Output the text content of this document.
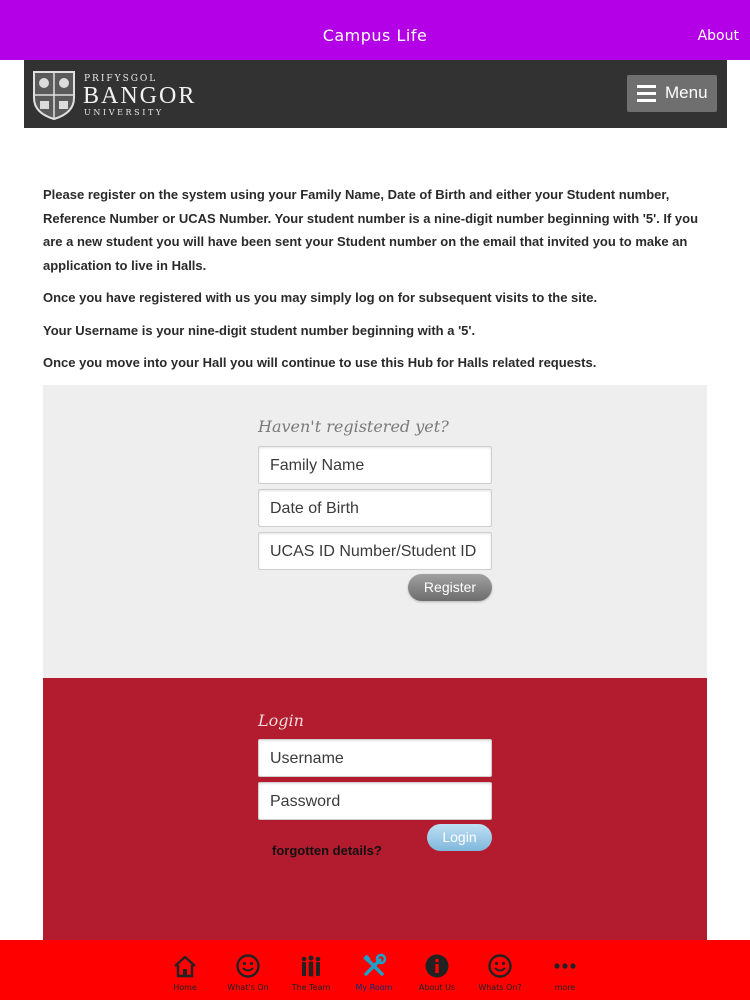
Campus Life	About
PRIFYSGOL
BANGOR
UNIVERSITY
Menu

Please register on the system using your Family Name, Date of Birth and either your Student number, Reference Number or UCAS Number. Your student number is a nine-digit number beginning with '5'. If you are a new student you will have been sent your Student number on the email that invited you to make an application to live in Halls.

Once you have registered with us you may simply log on for subsequent visits to the site.

Your Username is your nine-digit student number beginning with a '5'.

Once you move into your Hall you will continue to use this Hub for Halls related requests.

Haven't registered yet?
Family Name
Date of Birth
UCAS ID Number/Student ID
Register
Login
Username
Password
Login
forgotten details?
Home	What's On	The Team	My Room	About Us	Whats On?	more
